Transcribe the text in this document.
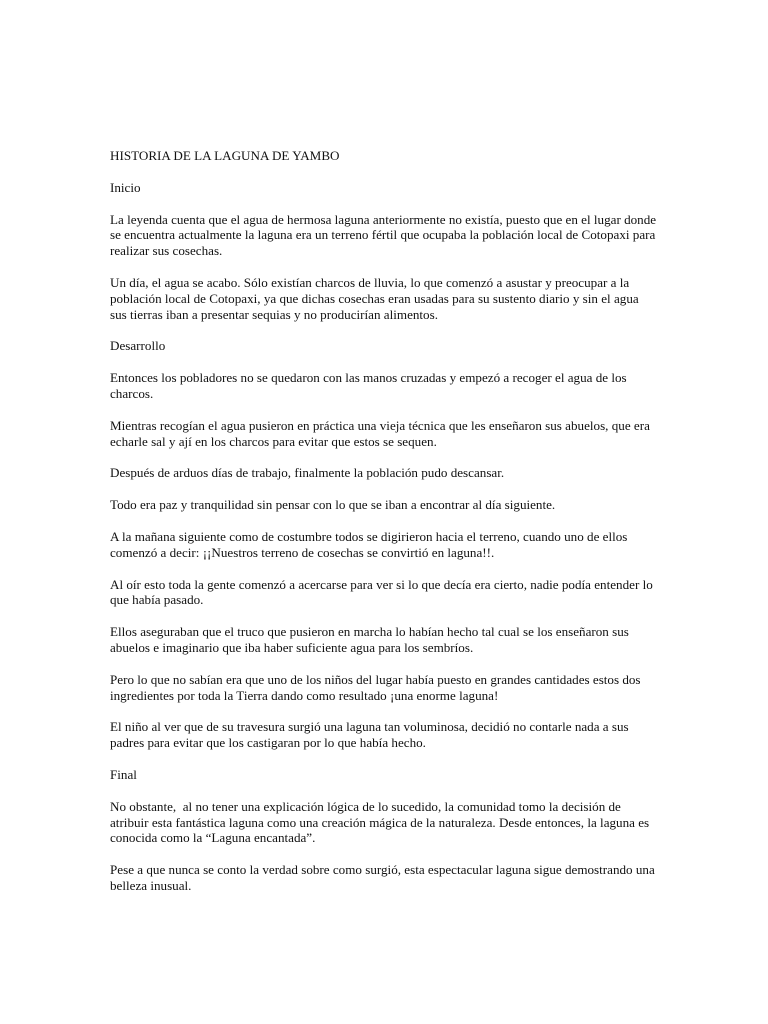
HISTORIA DE LA LAGUNA DE YAMBO

Inicio

La leyenda cuenta que el agua de hermosa laguna anteriormente no existía, puesto que en el lugar donde se encuentra actualmente la laguna era un terreno fértil que ocupaba la población local de Cotopaxi para realizar sus cosechas.

Un día, el agua se acabo. Sólo existían charcos de lluvia, lo que comenzó a asustar y preocupar a la población local de Cotopaxi, ya que dichas cosechas eran usadas para su sustento diario y sin el agua sus tierras iban a presentar sequias y no producirían alimentos.

Desarrollo

Entonces los pobladores no se quedaron con las manos cruzadas y empezó a recoger el agua de los charcos.

Mientras recogían el agua pusieron en práctica una vieja técnica que les enseñaron sus abuelos, que era echarle sal y ají en los charcos para evitar que estos se sequen.

Después de arduos días de trabajo, finalmente la población pudo descansar.

Todo era paz y tranquilidad sin pensar con lo que se iban a encontrar al día siguiente.

A la mañana siguiente como de costumbre todos se digirieron hacia el terreno, cuando uno de ellos comenzó a decir: ¡¡Nuestros terreno de cosechas se convirtió en laguna!!.

Al oír esto toda la gente comenzó a acercarse para ver si lo que decía era cierto, nadie podía entender lo que había pasado.

Ellos aseguraban que el truco que pusieron en marcha lo habían hecho tal cual se los enseñaron sus abuelos e imaginario que iba haber suficiente agua para los sembríos.

Pero lo que no sabían era que uno de los niños del lugar había puesto en grandes cantidades estos dos ingredientes por toda la Tierra dando como resultado ¡una enorme laguna!

El niño al ver que de su travesura surgió una laguna tan voluminosa, decidió no contarle nada a sus padres para evitar que los castigaran por lo que había hecho.

Final

No obstante,  al no tener una explicación lógica de lo sucedido, la comunidad tomo la decisión de atribuir esta fantástica laguna como una creación mágica de la naturaleza. Desde entonces, la laguna es conocida como la “Laguna encantada”.

Pese a que nunca se conto la verdad sobre como surgió, esta espectacular laguna sigue demostrando una belleza inusual.
